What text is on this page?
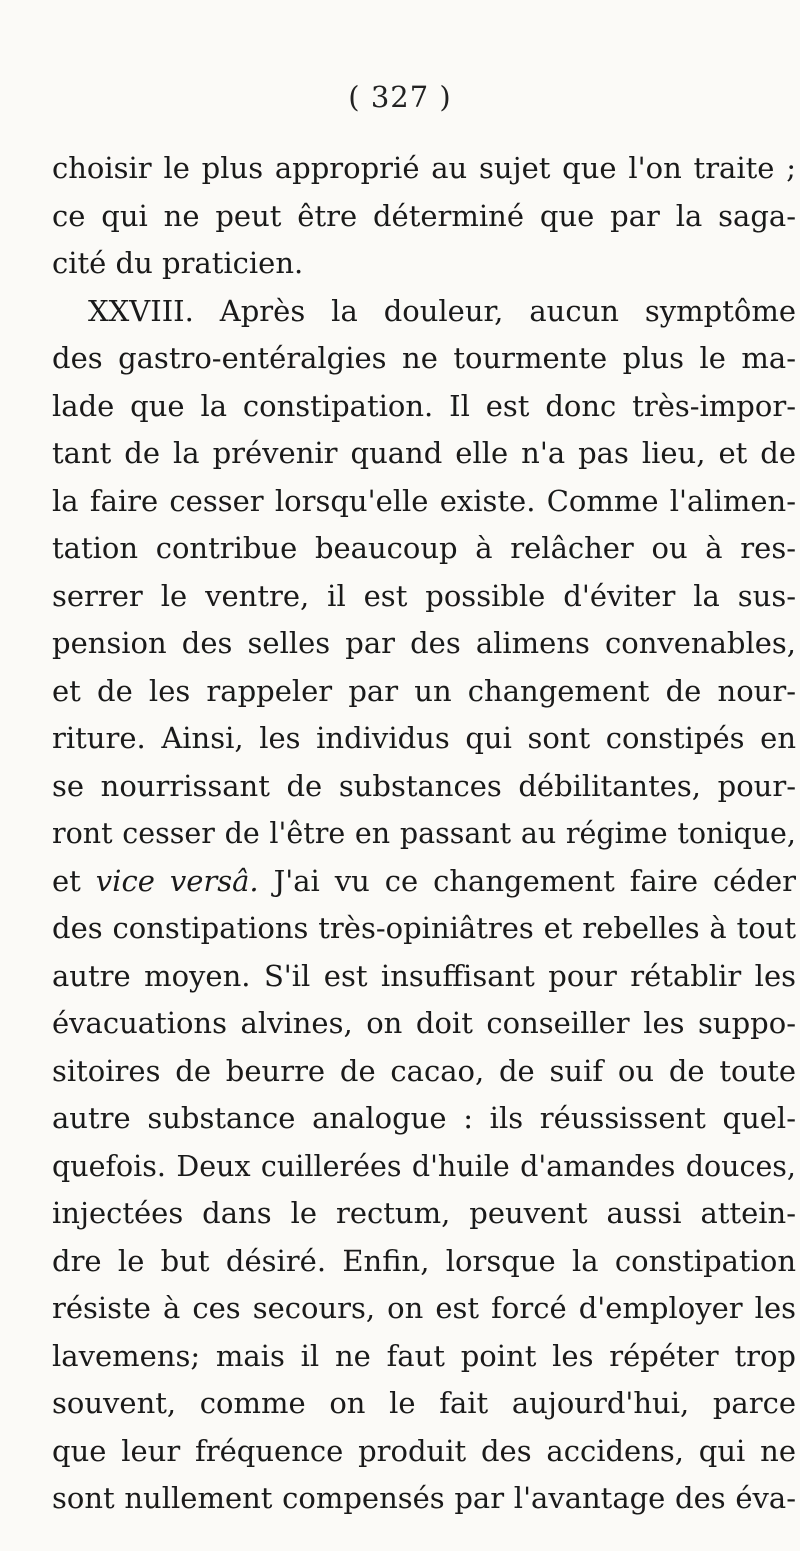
( 327 )
choisir le plus approprié au sujet que l'on traite ;
ce qui ne peut être déterminé que par la saga-
cité du praticien.
XXVIII. Après la douleur, aucun symptôme
des gastro-entéralgies ne tourmente plus le ma-
lade que la constipation. Il est donc très-impor-
tant de la prévenir quand elle n'a pas lieu, et de
la faire cesser lorsqu'elle existe. Comme l'alimen-
tation contribue beaucoup à relâcher ou à res-
serrer le ventre, il est possible d'éviter la sus-
pension des selles par des alimens convenables,
et de les rappeler par un changement de nour-
riture. Ainsi, les individus qui sont constipés en
se nourrissant de substances débilitantes, pour-
ront cesser de l'être en passant au régime tonique,
et vice versâ. J'ai vu ce changement faire céder
des constipations très-opiniâtres et rebelles à tout
autre moyen. S'il est insuffisant pour rétablir les
évacuations alvines, on doit conseiller les suppo-
sitoires de beurre de cacao, de suif ou de toute
autre substance analogue : ils réussissent quel-
quefois. Deux cuillerées d'huile d'amandes douces,
injectées dans le rectum, peuvent aussi attein-
dre le but désiré. Enfin, lorsque la constipation
résiste à ces secours, on est forcé d'employer les
lavemens; mais il ne faut point les répéter trop
souvent, comme on le fait aujourd'hui, parce
que leur fréquence produit des accidens, qui ne
sont nullement compensés par l'avantage des éva-
